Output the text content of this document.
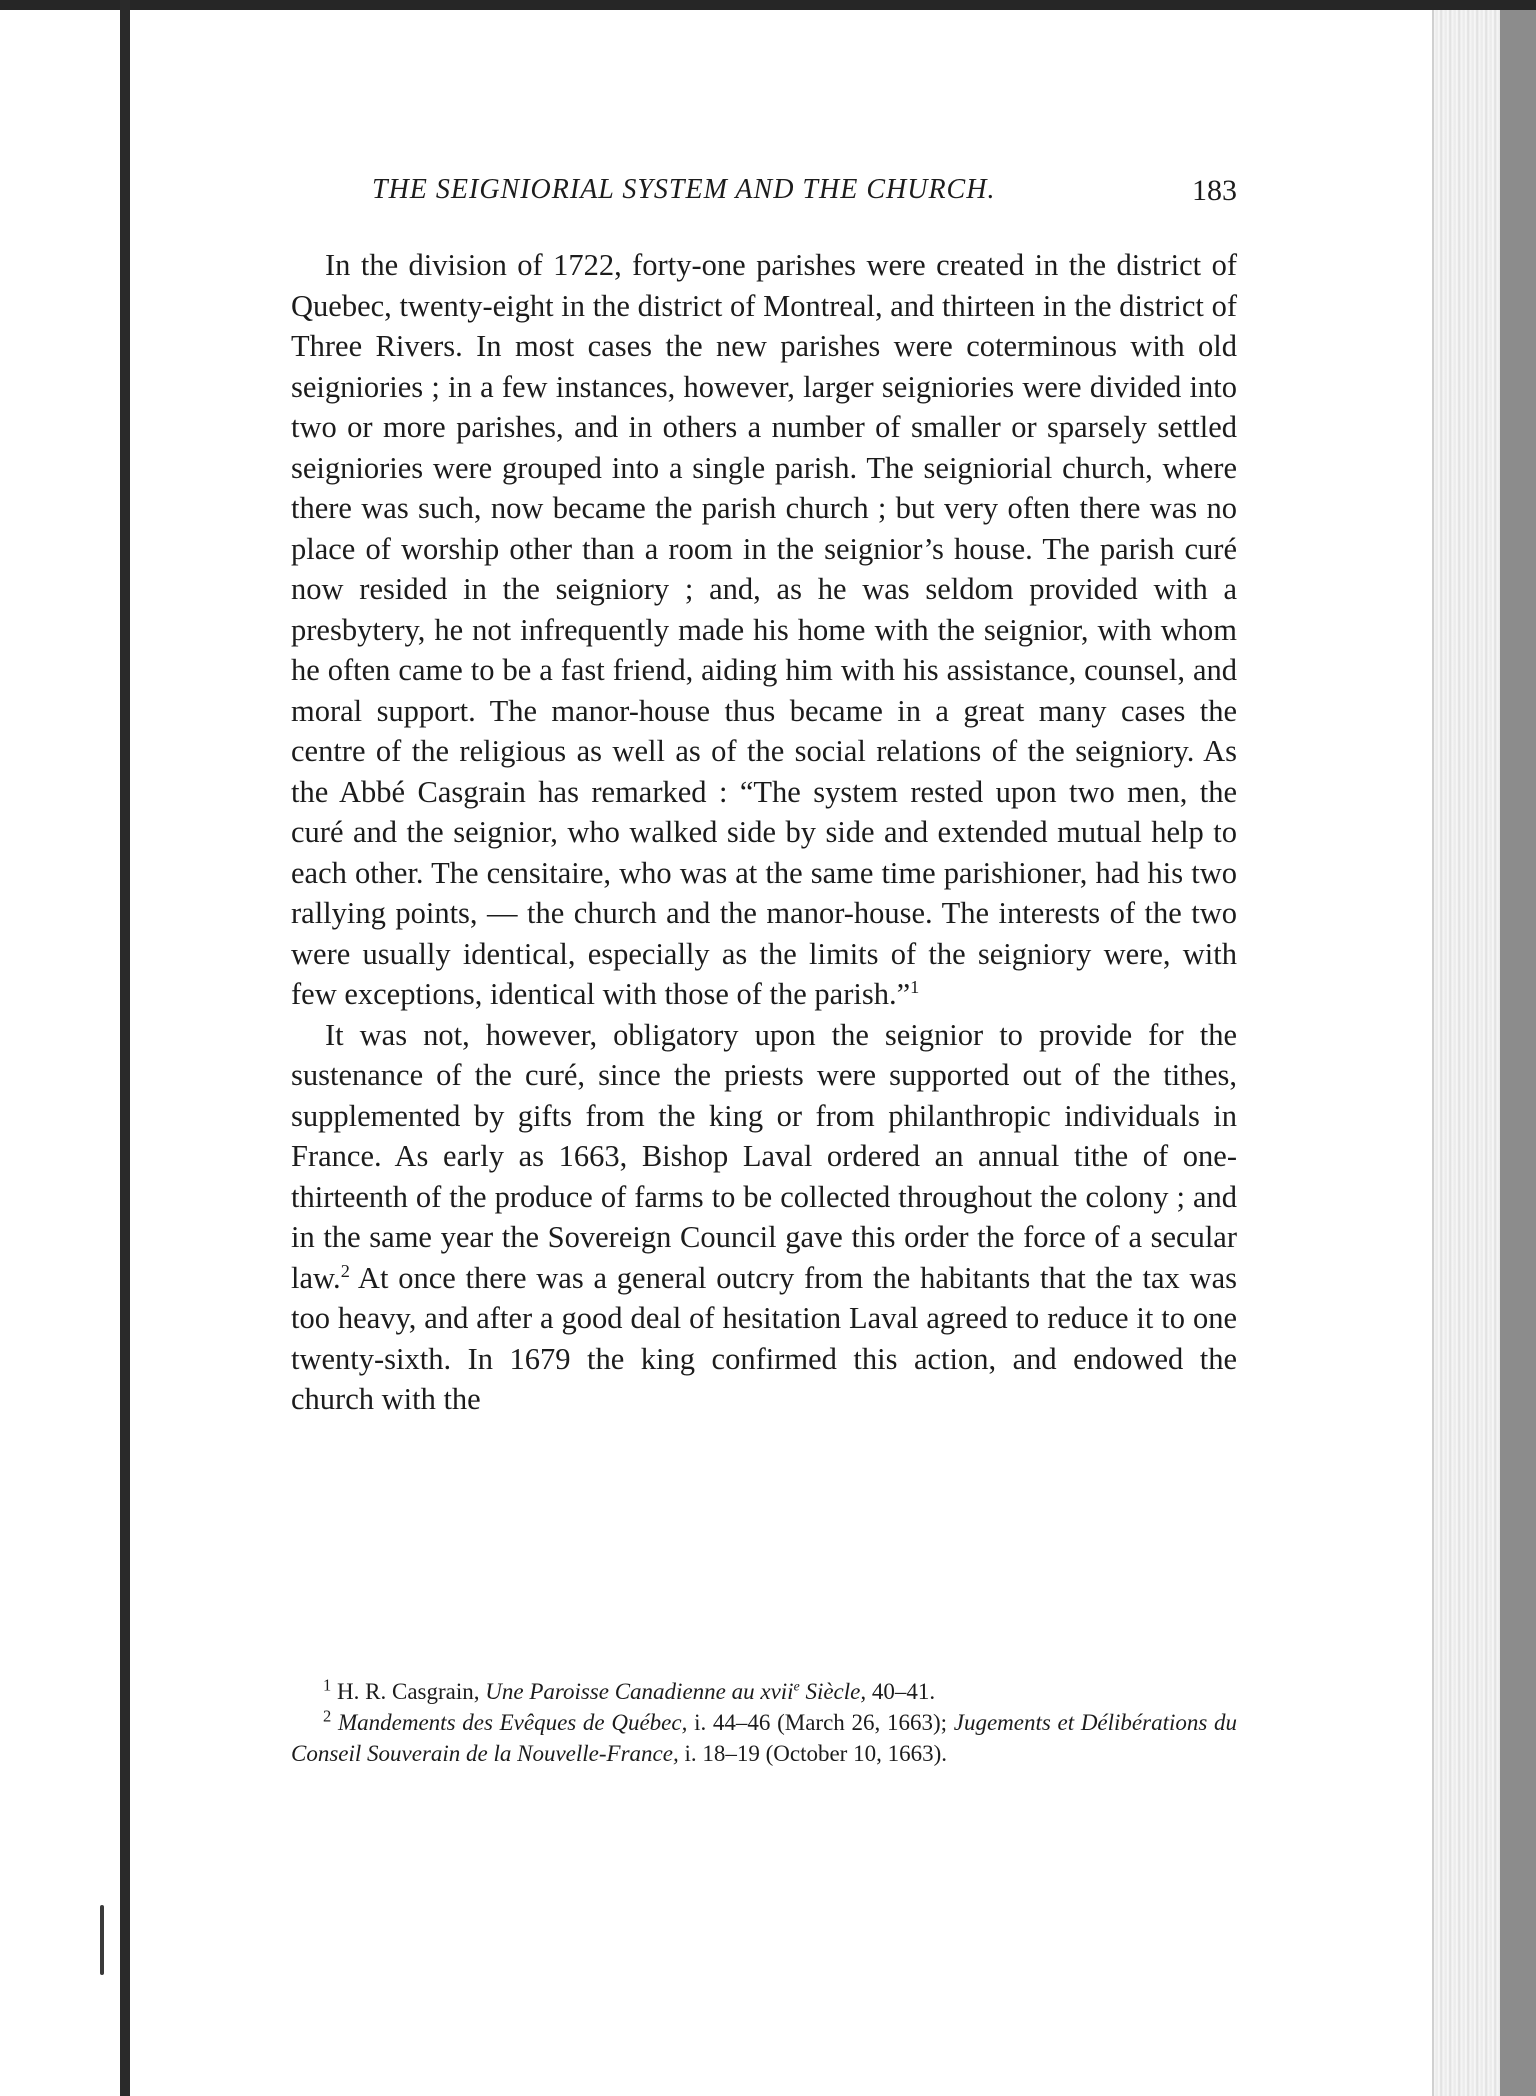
THE SEIGNIORIAL SYSTEM AND THE CHURCH.	183

In the division of 1722, forty-one parishes were created in the district of Quebec, twenty-eight in the district of Montreal, and thirteen in the district of Three Rivers. In most cases the new parishes were coterminous with old seigniories ; in a few instances, however, larger seigniories were divided into two or more parishes, and in others a number of smaller or sparsely settled seigniories were grouped into a single parish. The seigniorial church, where there was such, now became the parish church ; but very often there was no place of worship other than a room in the seignior’s house. The parish curé now resided in the seigniory ; and, as he was seldom provided with a presbytery, he not infrequently made his home with the seignior, with whom he often came to be a fast friend, aiding him with his assistance, counsel, and moral support. The manor-house thus became in a great many cases the centre of the religious as well as of the social relations of the seigniory. As the Abbé Casgrain has remarked : “The system rested upon two men, the curé and the seignior, who walked side by side and extended mutual help to each other. The censitaire, who was at the same time parishioner, had his two rallying points, — the church and the manor-house. The interests of the two were usually identical, especially as the limits of the seigniory were, with few exceptions, identical with those of the parish.”$^1$

It was not, however, obligatory upon the seignior to provide for the sustenance of the curé, since the priests were supported out of the tithes, supplemented by gifts from the king or from philanthropic individuals in France. As early as 1663, Bishop Laval ordered an annual tithe of one-thirteenth of the produce of farms to be collected throughout the colony ; and in the same year the Sovereign Council gave this order the force of a secular law.$^2$ At once there was a general outcry from the habitants that the tax was too heavy, and after a good deal of hesitation Laval agreed to reduce it to one twenty-sixth. In 1679 the king confirmed this action, and endowed the church with the

$^1$ H. R. Casgrain, Une Paroisse Canadienne au xvii$^e$ Siècle, 40–41.

$^2$ Mandements des Evêques de Québec, i. 44–46 (March 26, 1663); Jugements et Délibérations du Conseil Souverain de la Nouvelle-France, i. 18–19 (October 10, 1663).
